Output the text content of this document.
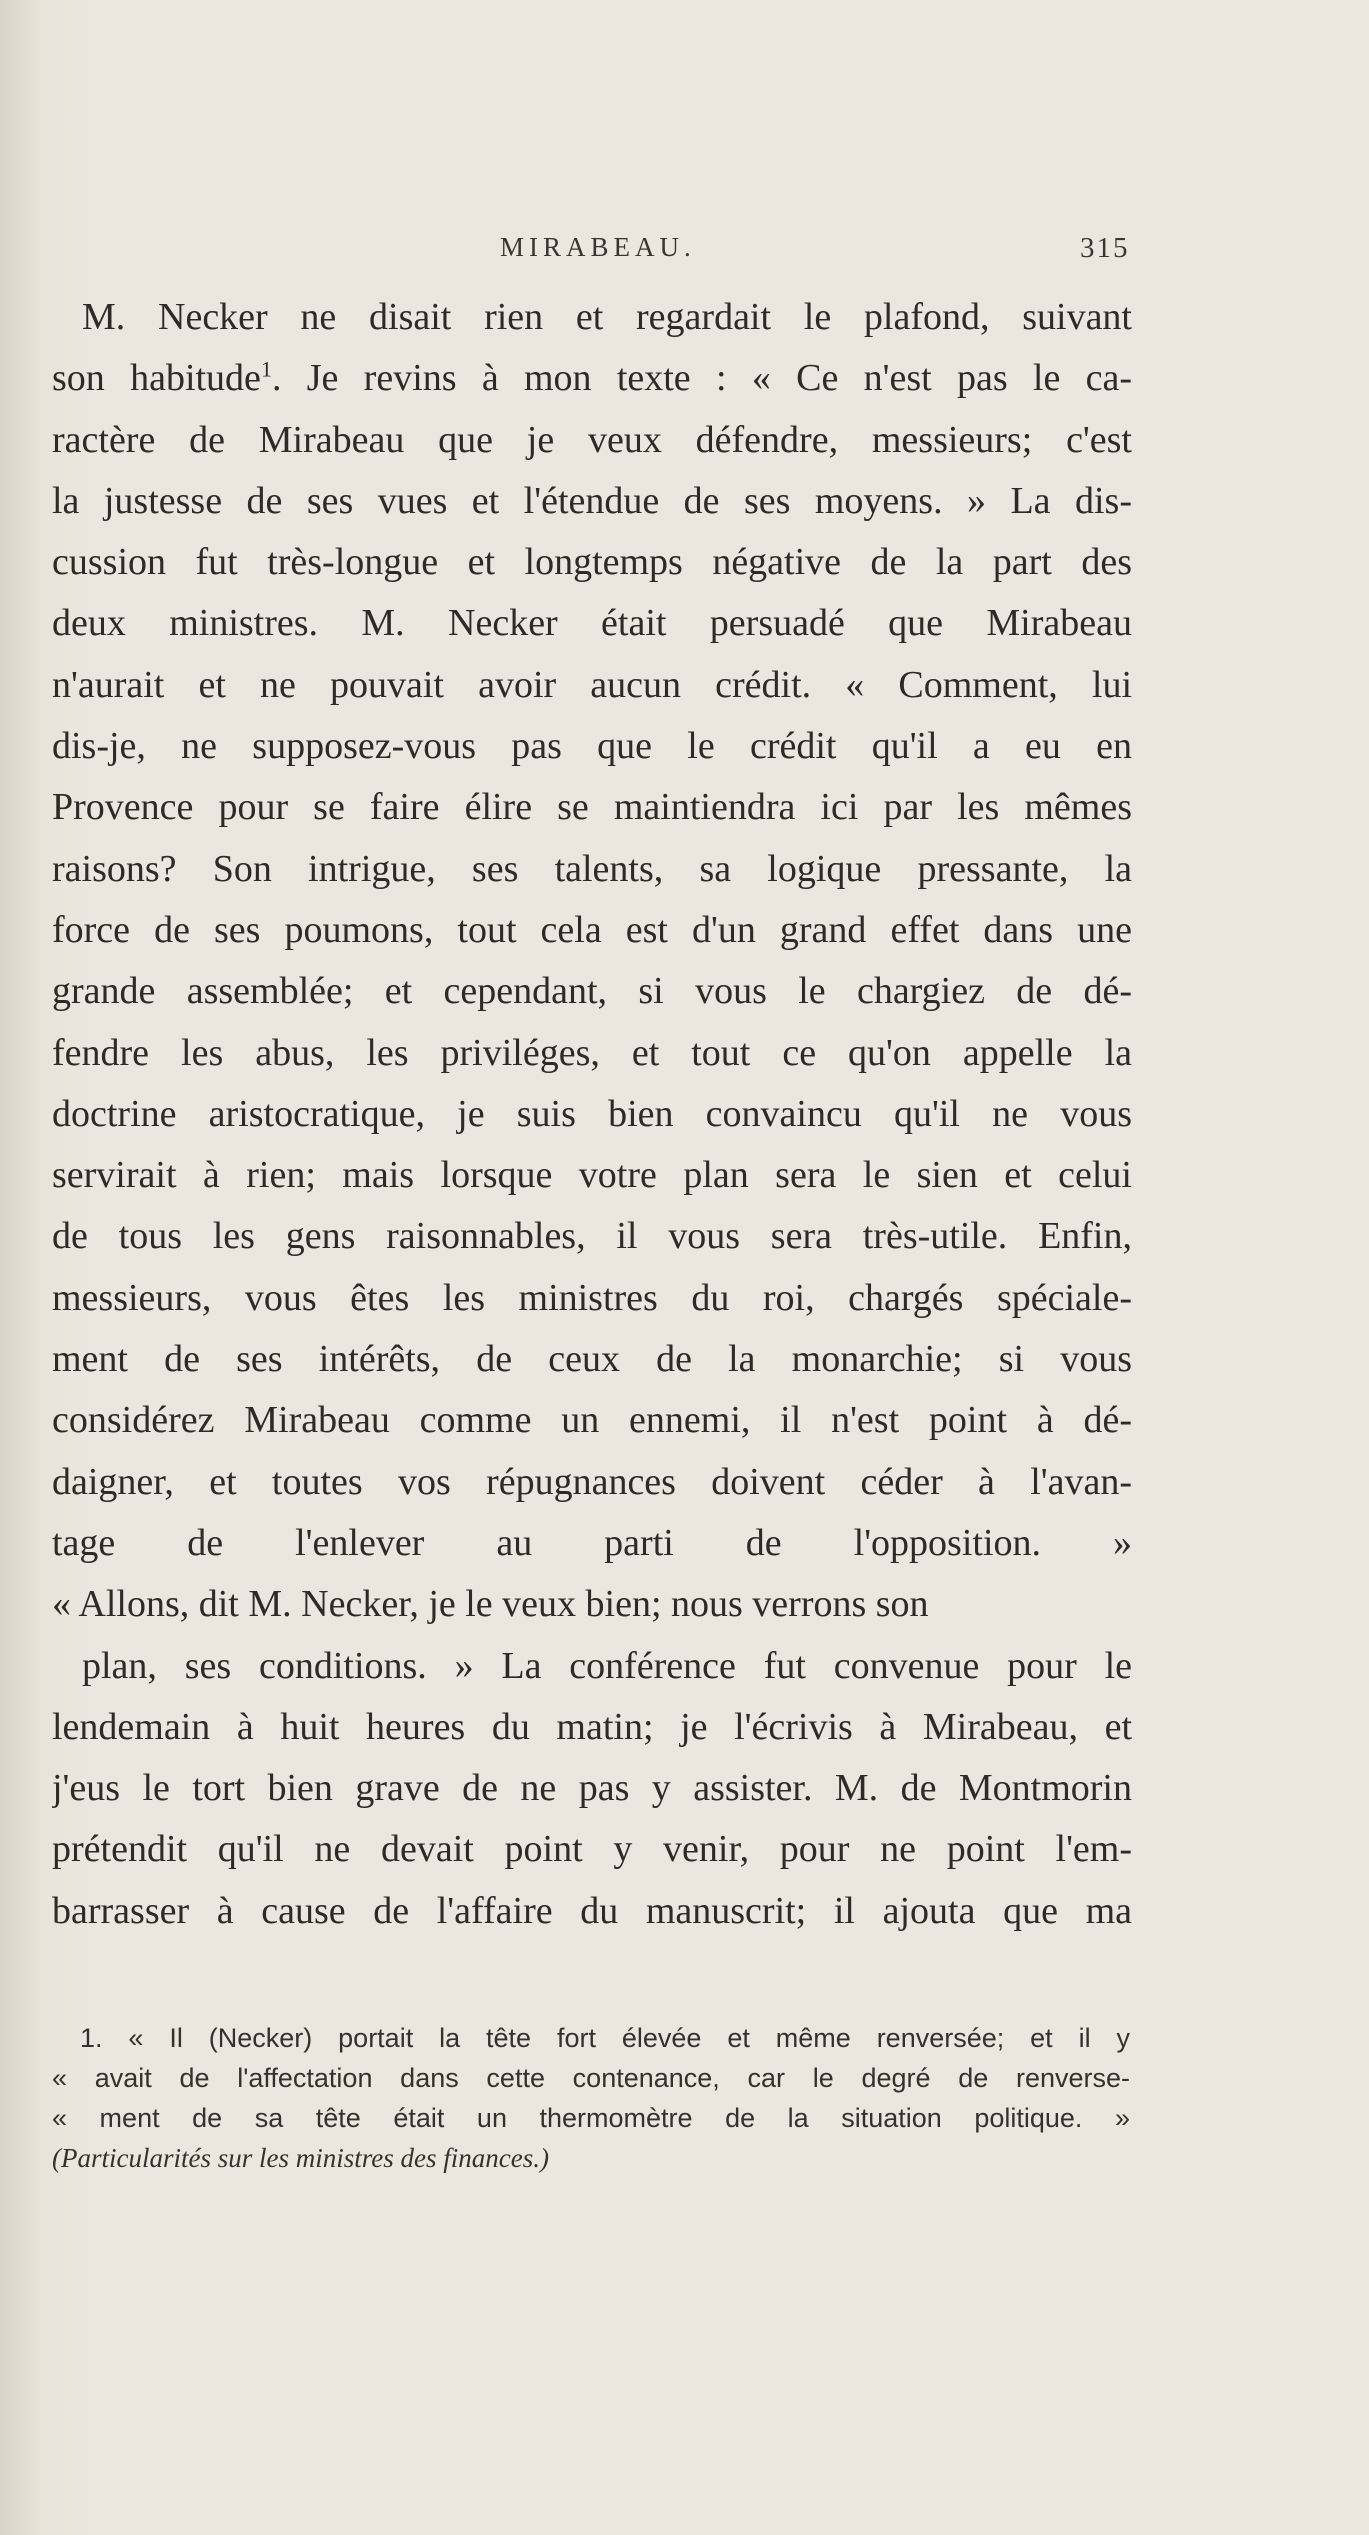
MIRABEAU.	315
M. Necker ne disait rien et regardait le plafond, suivant
son habitude$^1$. Je revins à mon texte : « Ce n'est pas le ca-
ractère de Mirabeau que je veux défendre, messieurs; c'est
la justesse de ses vues et l'étendue de ses moyens. » La dis-
cussion fut très-longue et longtemps négative de la part des
deux ministres. M. Necker était persuadé que Mirabeau
n'aurait et ne pouvait avoir aucun crédit. « Comment, lui
dis-je, ne supposez-vous pas que le crédit qu'il a eu en
Provence pour se faire élire se maintiendra ici par les mêmes
raisons? Son intrigue, ses talents, sa logique pressante, la
force de ses poumons, tout cela est d'un grand effet dans une
grande assemblée; et cependant, si vous le chargiez de dé-
fendre les abus, les priviléges, et tout ce qu'on appelle la
doctrine aristocratique, je suis bien convaincu qu'il ne vous
servirait à rien; mais lorsque votre plan sera le sien et celui
de tous les gens raisonnables, il vous sera très-utile. Enfin,
messieurs, vous êtes les ministres du roi, chargés spéciale-
ment de ses intérêts, de ceux de la monarchie; si vous
considérez Mirabeau comme un ennemi, il n'est point à dé-
daigner, et toutes vos répugnances doivent céder à l'avan-
tage de l'enlever au parti de l'opposition. »
« Allons, dit M. Necker, je le veux bien; nous verrons son
plan, ses conditions. » La conférence fut convenue pour le
lendemain à huit heures du matin; je l'écrivis à Mirabeau, et
j'eus le tort bien grave de ne pas y assister. M. de Montmorin
prétendit qu'il ne devait point y venir, pour ne point l'em-
barrasser à cause de l'affaire du manuscrit; il ajouta que ma
1. « Il (Necker) portait la tête fort élevée et même renversée; et il y
« avait de l'affectation dans cette contenance, car le degré de renverse-
« ment de sa tête était un thermomètre de la situation politique. »
(Particularités sur les ministres des finances.)
